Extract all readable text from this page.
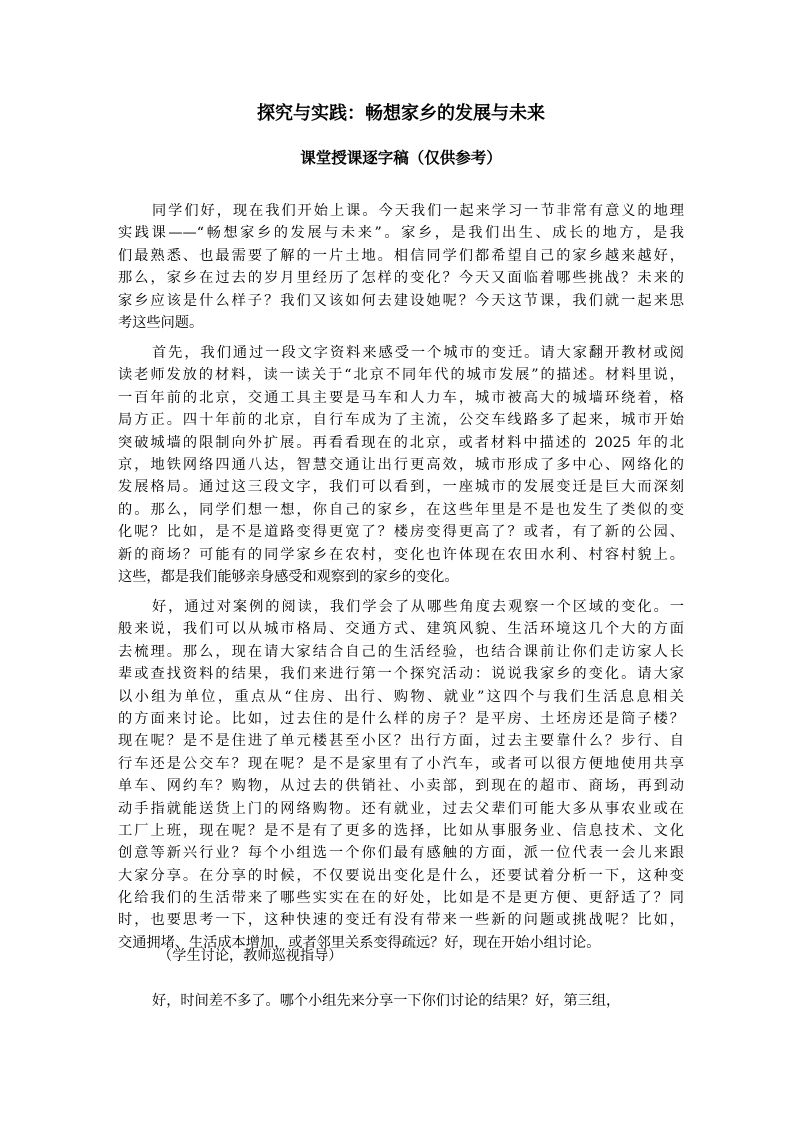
探究与实践：畅想家乡的发展与未来
课堂授课逐字稿（仅供参考）
同学们好，现在我们开始上课。今天我们一起来学习一节非常有意义的地理
实践课——“畅想家乡的发展与未来”。家乡，是我们出生、成长的地方，是我
们最熟悉、也最需要了解的一片土地。相信同学们都希望自己的家乡越来越好，
那么，家乡在过去的岁月里经历了怎样的变化？今天又面临着哪些挑战？未来的
家乡应该是什么样子？我们又该如何去建设她呢？今天这节课，我们就一起来思
考这些问题。
首先，我们通过一段文字资料来感受一个城市的变迁。请大家翻开教材或阅
读老师发放的材料，读一读关于“北京不同年代的城市发展”的描述。材料里说，
一百年前的北京，交通工具主要是马车和人力车，城市被高大的城墙环绕着，格
局方正。四十年前的北京，自行车成为了主流，公交车线路多了起来，城市开始
突破城墙的限制向外扩展。再看看现在的北京，或者材料中描述的 2025 年的北
京，地铁网络四通八达，智慧交通让出行更高效，城市形成了多中心、网络化的
发展格局。通过这三段文字，我们可以看到，一座城市的发展变迁是巨大而深刻
的。那么，同学们想一想，你自己的家乡，在这些年里是不是也发生了类似的变
化呢？比如，是不是道路变得更宽了？楼房变得更高了？或者，有了新的公园、
新的商场？可能有的同学家乡在农村，变化也许体现在农田水利、村容村貌上。
这些，都是我们能够亲身感受和观察到的家乡的变化。
好，通过对案例的阅读，我们学会了从哪些角度去观察一个区域的变化。一
般来说，我们可以从城市格局、交通方式、建筑风貌、生活环境这几个大的方面
去梳理。那么，现在请大家结合自己的生活经验，也结合课前让你们走访家人长
辈或查找资料的结果，我们来进行第一个探究活动：说说我家乡的变化。请大家
以小组为单位，重点从“住房、出行、购物、就业”这四个与我们生活息息相关
的方面来讨论。比如，过去住的是什么样的房子？是平房、土坯房还是筒子楼？
现在呢？是不是住进了单元楼甚至小区？出行方面，过去主要靠什么？步行、自
行车还是公交车？现在呢？是不是家里有了小汽车，或者可以很方便地使用共享
单车、网约车？购物，从过去的供销社、小卖部，到现在的超市、商场，再到动
动手指就能送货上门的网络购物。还有就业，过去父辈们可能大多从事农业或在
工厂上班，现在呢？是不是有了更多的选择，比如从事服务业、信息技术、文化
创意等新兴行业？每个小组选一个你们最有感触的方面，派一位代表一会儿来跟
大家分享。在分享的时候，不仅要说出变化是什么，还要试着分析一下，这种变
化给我们的生活带来了哪些实实在在的好处，比如是不是更方便、更舒适了？同
时，也要思考一下，这种快速的变迁有没有带来一些新的问题或挑战呢？比如，
交通拥堵、生活成本增加，或者邻里关系变得疏远？好，现在开始小组讨论。
（学生讨论，教师巡视指导）
好，时间差不多了。哪个小组先来分享一下你们讨论的结果？好，第三组，
